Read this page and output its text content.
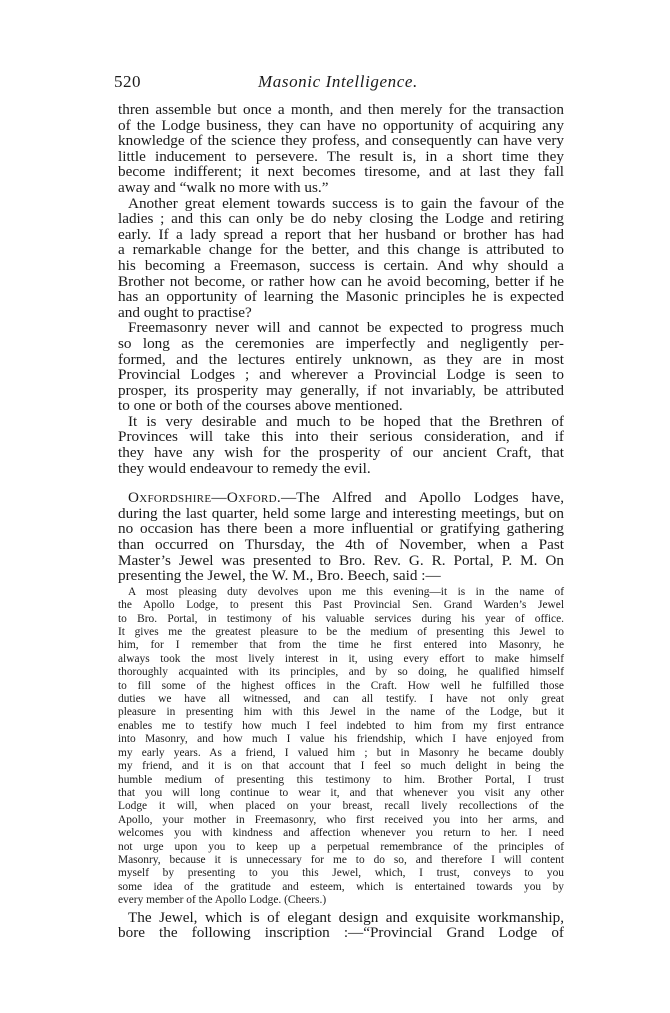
520	Masonic Intelligence.
thren assemble but once a month, and then merely for the transaction
of the Lodge business, they can have no opportunity of acquiring any
knowledge of the science they profess, and consequently can have very
little inducement to persevere. The result is, in a short time they
become indifferent; it next becomes tiresome, and at last they fall
away and “walk no more with us.”
Another great element towards success is to gain the favour of the
ladies ; and this can only be do neby closing the Lodge and retiring
early. If a lady spread a report that her husband or brother has had
a remarkable change for the better, and this change is attributed to
his becoming a Freemason, success is certain. And why should a
Brother not become, or rather how can he avoid becoming, better if he
has an opportunity of learning the Masonic principles he is expected
and ought to practise?
Freemasonry never will and cannot be expected to progress much
so long as the ceremonies are imperfectly and negligently per-
formed, and the lectures entirely unknown, as they are in most
Provincial Lodges ; and wherever a Provincial Lodge is seen to
prosper, its prosperity may generally, if not invariably, be attributed
to one or both of the courses above mentioned.
It is very desirable and much to be hoped that the Brethren of
Provinces will take this into their serious consideration, and if
they have any wish for the prosperity of our ancient Craft, that
they would endeavour to remedy the evil.
Oxfordshire—Oxford.—The Alfred and Apollo Lodges have,
during the last quarter, held some large and interesting meetings, but on
no occasion has there been a more influential or gratifying gathering
than occurred on Thursday, the 4th of November, when a Past
Master’s Jewel was presented to Bro. Rev. G. R. Portal, P. M. On
presenting the Jewel, the W. M., Bro. Beech, said :—
A most pleasing duty devolves upon me this evening—it is in the name of
the Apollo Lodge, to present this Past Provincial Sen. Grand Warden’s Jewel
to Bro. Portal, in testimony of his valuable services during his year of office.
It gives me the greatest pleasure to be the medium of presenting this Jewel to
him, for I remember that from the time he first entered into Masonry, he
always took the most lively interest in it, using every effort to make himself
thoroughly acquainted with its principles, and by so doing, he qualified himself
to fill some of the highest offices in the Craft. How well he fulfilled those
duties we have all witnessed, and can all testify. I have not only great
pleasure in presenting him with this Jewel in the name of the Lodge, but it
enables me to testify how much I feel indebted to him from my first entrance
into Masonry, and how much I value his friendship, which I have enjoyed from
my early years. As a friend, I valued him ; but in Masonry he became doubly
my friend, and it is on that account that I feel so much delight in being the
humble medium of presenting this testimony to him. Brother Portal, I trust
that you will long continue to wear it, and that whenever you visit any other
Lodge it will, when placed on your breast, recall lively recollections of the
Apollo, your mother in Freemasonry, who first received you into her arms, and
welcomes you with kindness and affection whenever you return to her. I need
not urge upon you to keep up a perpetual remembrance of the principles of
Masonry, because it is unnecessary for me to do so, and therefore I will content
myself by presenting to you this Jewel, which, I trust, conveys to you
some idea of the gratitude and esteem, which is entertained towards you by
every member of the Apollo Lodge. (Cheers.)
The Jewel, which is of elegant design and exquisite workmanship,
bore the following inscription :—“Provincial Grand Lodge of
